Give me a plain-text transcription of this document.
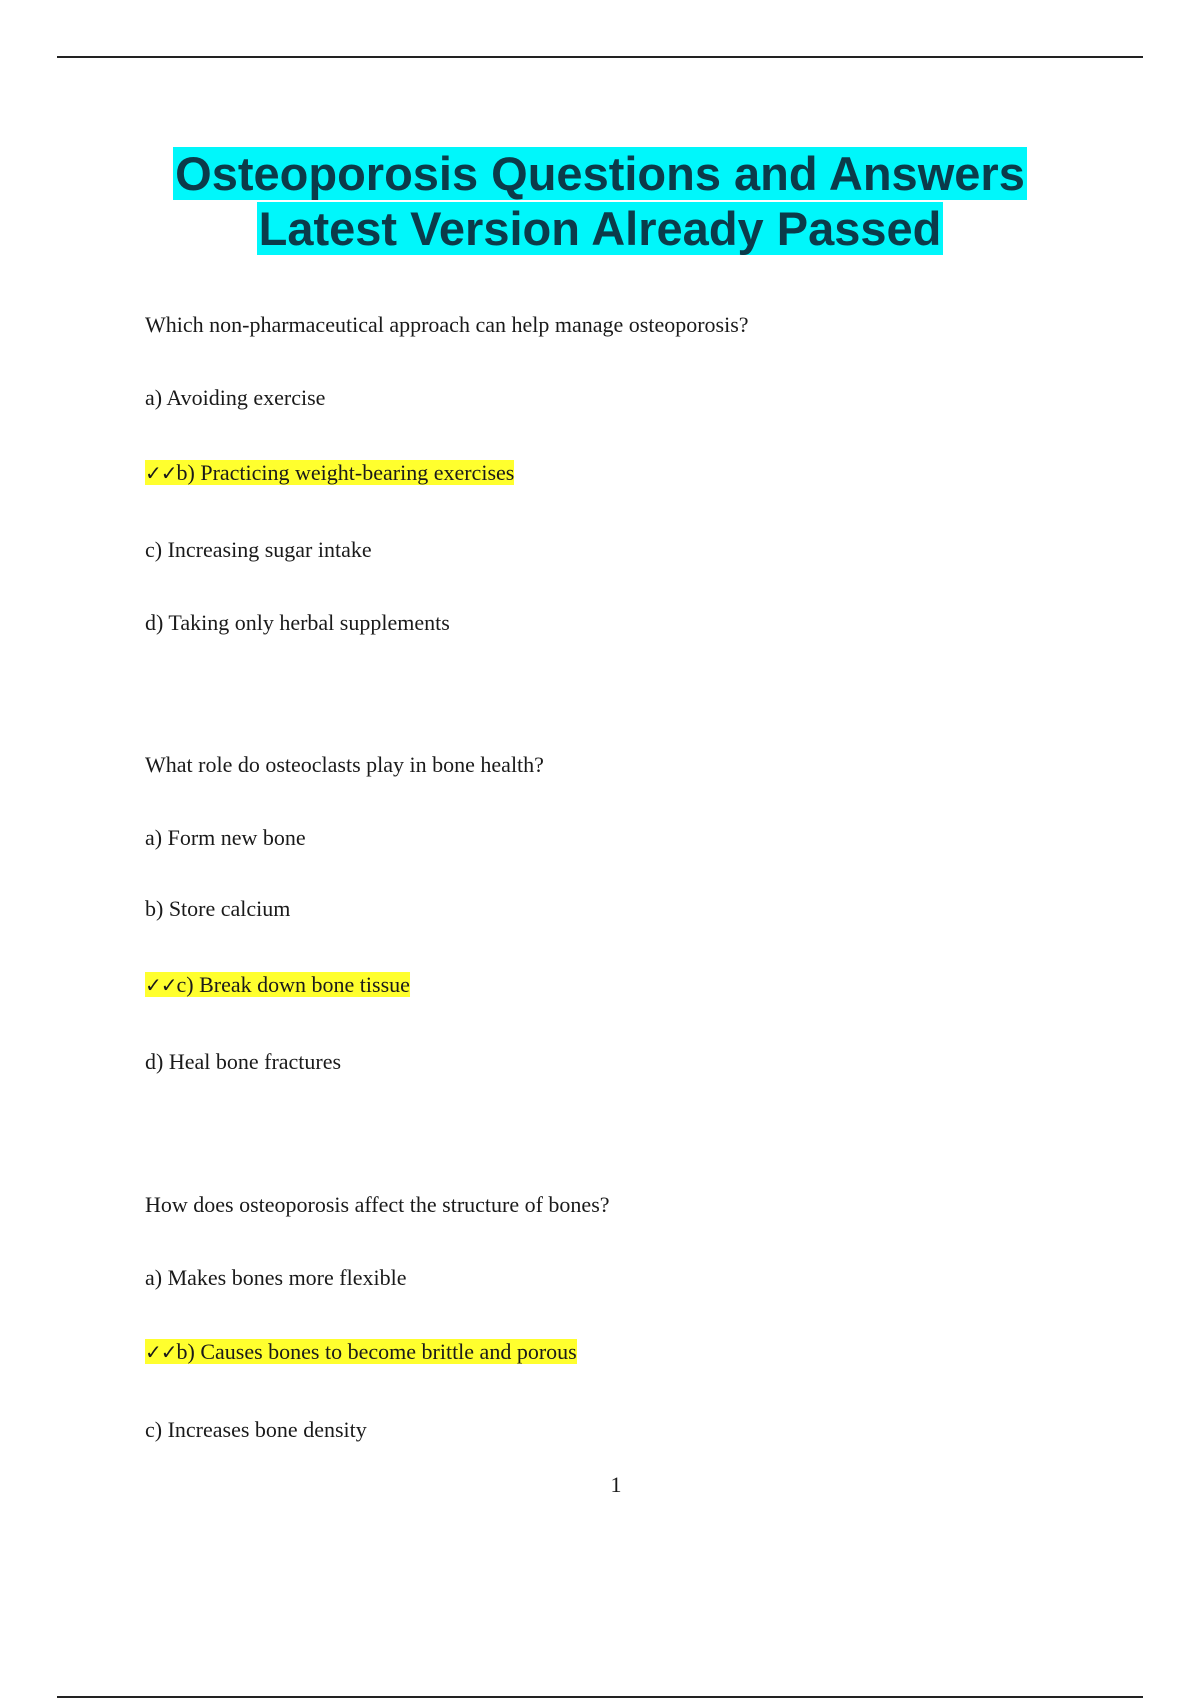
Osteoporosis Questions and Answers
Latest Version Already Passed
Which non-pharmaceutical approach can help manage osteoporosis?
a) Avoiding exercise
✓✓b) Practicing weight-bearing exercises
c) Increasing sugar intake
d) Taking only herbal supplements
What role do osteoclasts play in bone health?
a) Form new bone
b) Store calcium
✓✓c) Break down bone tissue
d) Heal bone fractures
How does osteoporosis affect the structure of bones?
a) Makes bones more flexible
✓✓b) Causes bones to become brittle and porous
c) Increases bone density
1
